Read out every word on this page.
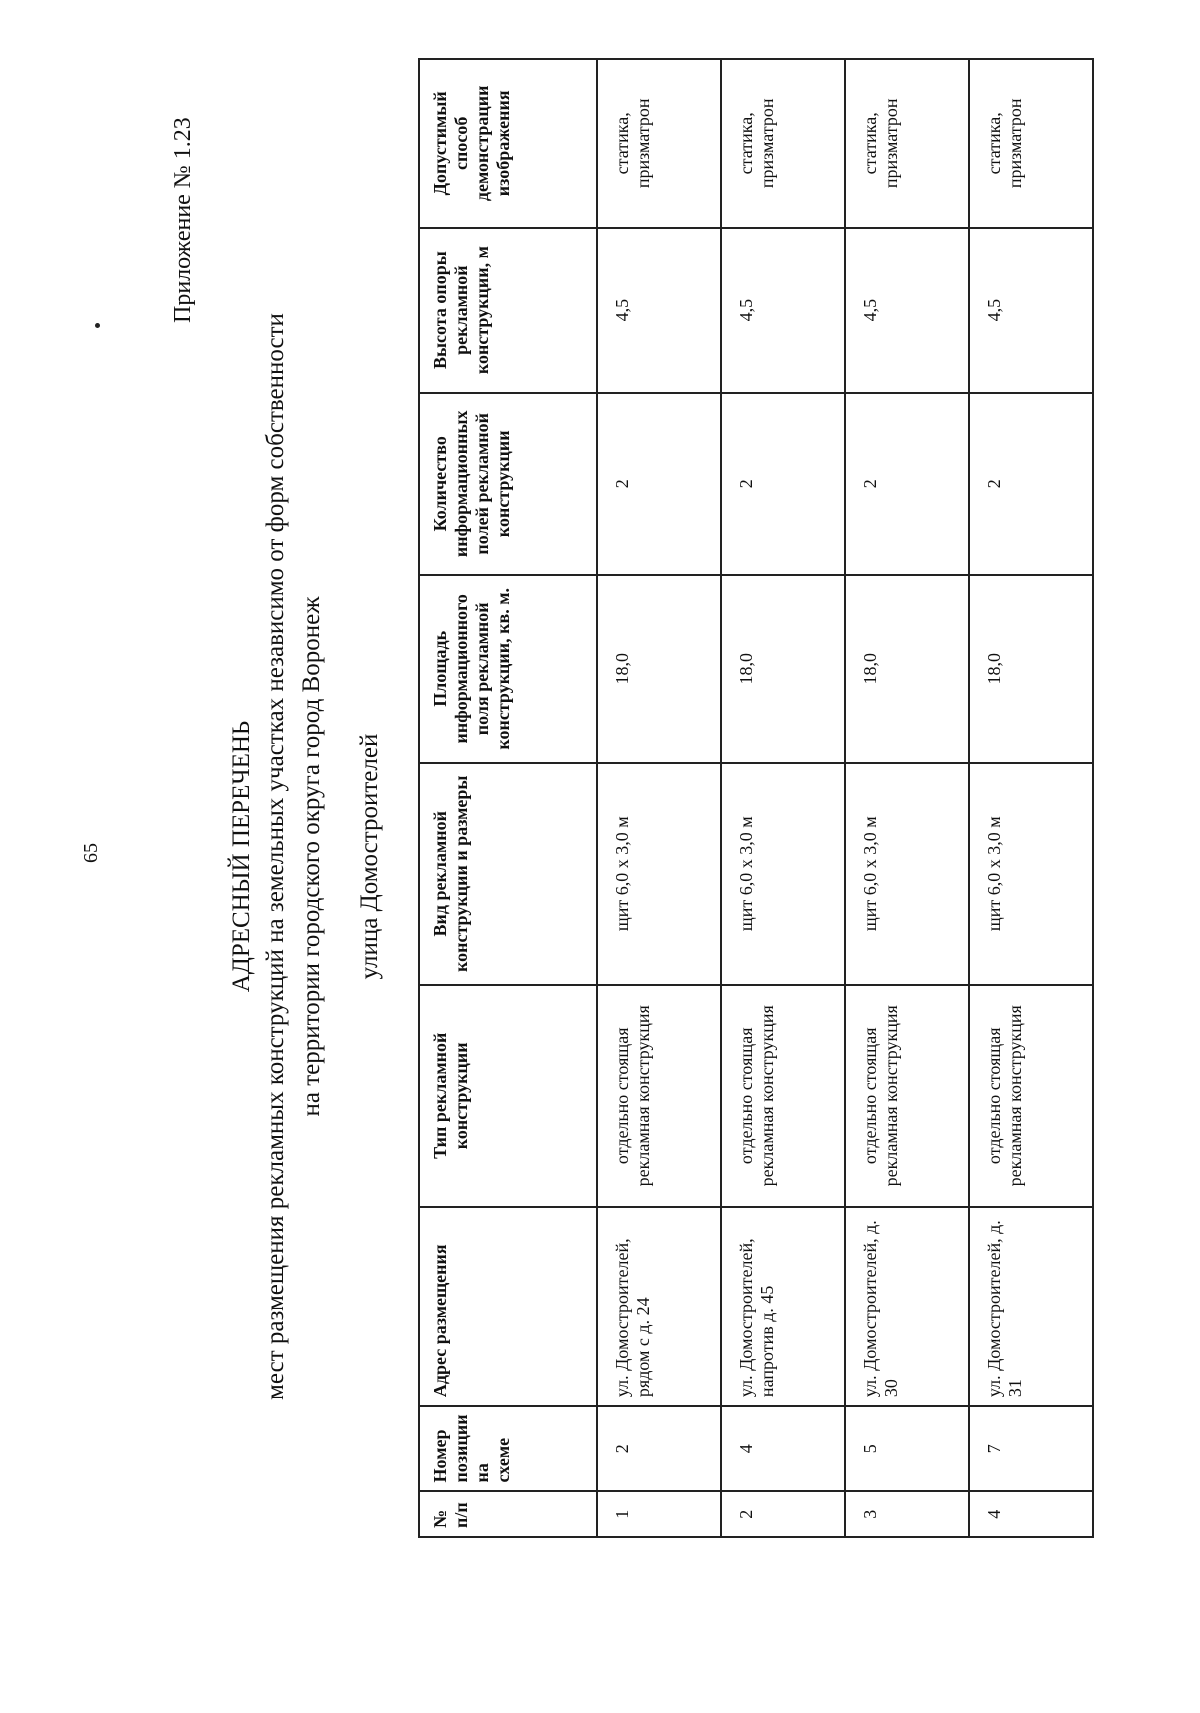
65
Приложение № 1.23
АДРЕСНЫЙ ПЕРЕЧЕНЬ мест размещения рекламных конструкций на земельных участках независимо от форм собственности на территории городского округа город Воронеж улица Домостроителей
№ п/п	Номер позиции на схеме	Адрес размещения	Тип рекламной конструкции	Вид рекламной конструкции и размеры	Площадь информационного поля рекламной конструкции, кв. м.	Количество информационных полей рекламной конструкции	Высота опоры рекламной конструкции, м	Допустимый способ демонстрации изображения
1	2	ул. Домостроителей, рядом с д. 24	отдельно стоящая рекламная конструкция	щит 6,0 х 3,0 м	18,0	2	4,5	статика, призматрон
2	4	ул. Домостроителей, напротив д. 45	отдельно стоящая рекламная конструкция	щит 6,0 х 3,0 м	18,0	2	4,5	статика, призматрон
3	5	ул. Домостроителей, д. 30	отдельно стоящая рекламная конструкция	щит 6,0 х 3,0 м	18,0	2	4,5	статика, призматрон
4	7	ул. Домостроителей, д. 31	отдельно стоящая рекламная конструкция	щит 6,0 х 3,0 м	18,0	2	4,5	статика, призматрон
